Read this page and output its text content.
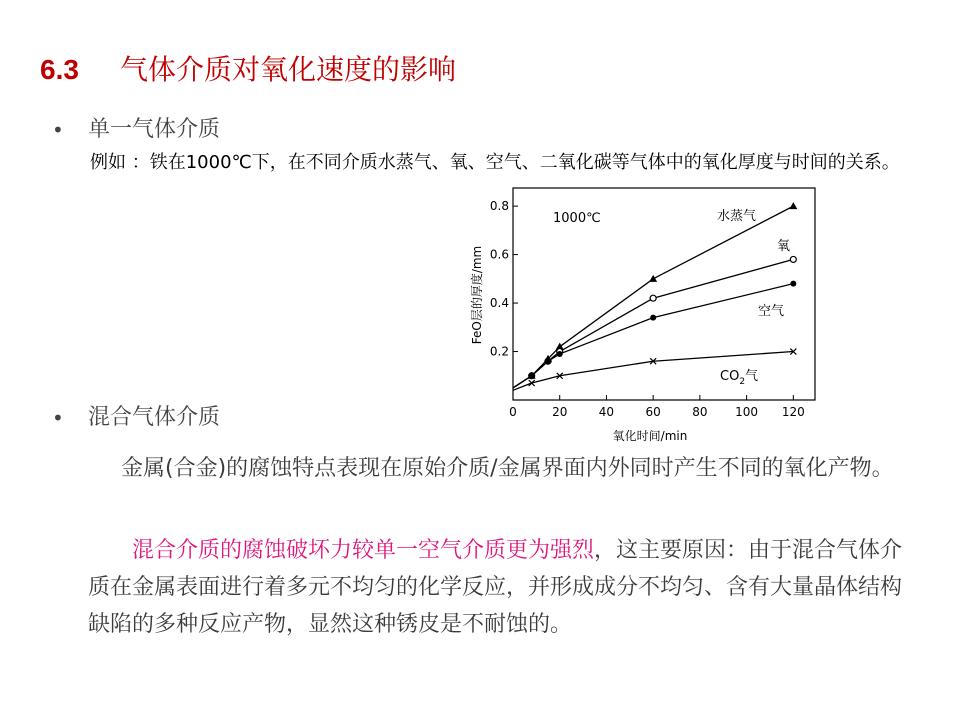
6.3 气体介质对氧化速度的影响
• 单一气体介质
例如 ：铁在1000℃下，在不同介质水蒸气、氧、空气、二氧化碳等气体中的氧化厚度与时间的关系。
0	20	40	60	80 100 120
0.2
0.4
0.6
0.8
1000℃
氧化时间/min
FeO层的厚度/mm
水蒸气
氧
空气
$CO_2$气
• 混合气体介质
金属(合金)的腐蚀特点表现在原始介质/金属界面内外同时产生不同的氧化产物。
混合介质的腐蚀破坏力较单一空气介质更为强烈，这主要原因：由于混合气体介质在金属表面进行着多元不均匀的化学反应，并形成成分不均匀、含有大量晶体结构缺陷的多种反应产物，显然这种锈皮是不耐蚀的。
